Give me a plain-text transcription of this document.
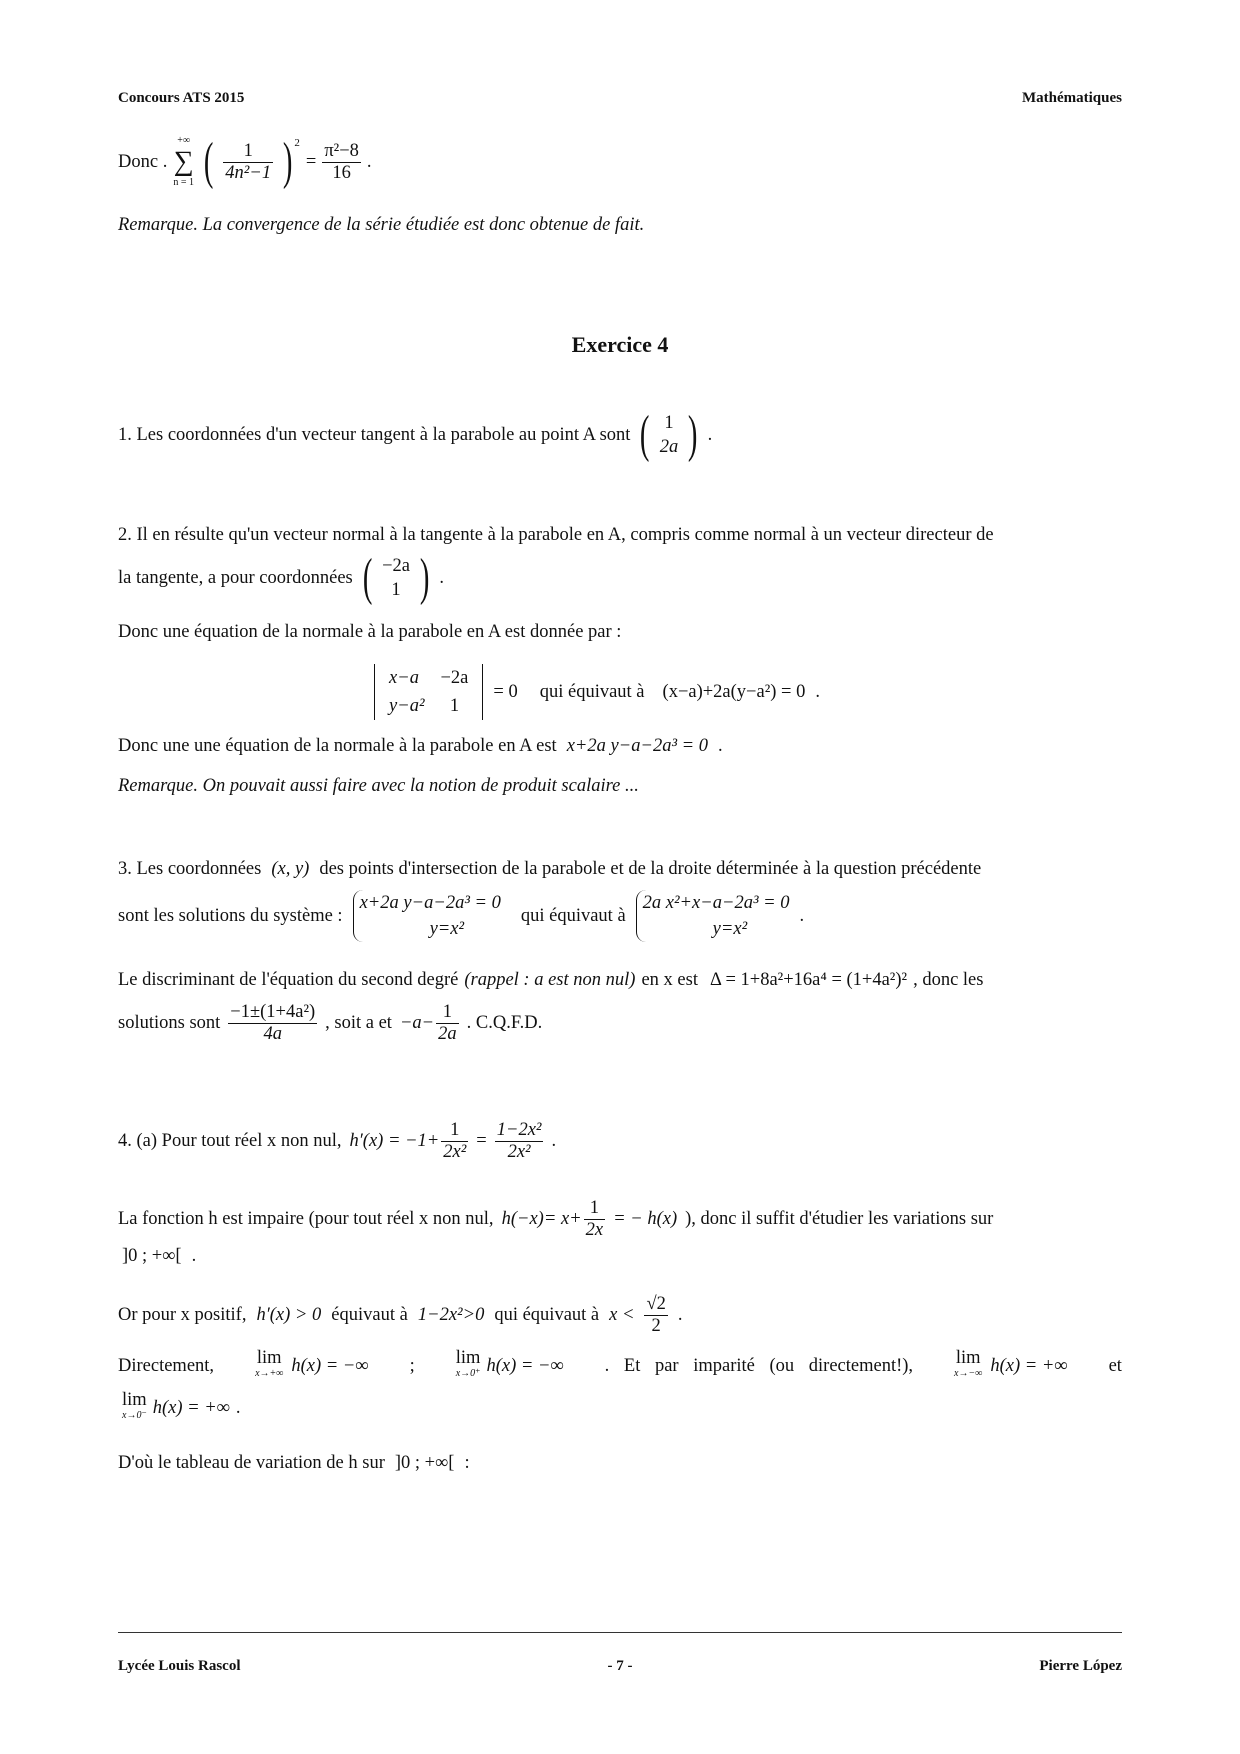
Concours ATS 2015	Mathématiques
Donc .
+∞
∑
n = 1 ( $\frac{1}{\text{4n²−1}} )^2$
= $\frac{\text{π²−8}}{16}$ .
Remarque. La convergence de la série étudiée est donc obtenue de fait.
Exercice 4
1. Les coordonnées d'un vecteur tangent à la parabole au point A sont ( 1
2a ) .
2. Il en résulte qu'un vecteur normal à la tangente à la parabole en A, compris comme normal à un vecteur directeur de
la tangente, a pour coordonnées ( −2a
1 ) .
Donc une équation de la normale à la parabole en A est donnée par :
x−a	−2a
y−a²	1
= 0 qui équivaut à (x−a)+2a(y−a²) = 0 .
Donc une une équation de la normale à la parabole en A est x+2a y−a−2a³ = 0 .
Remarque. On pouvait aussi faire avec la notion de produit scalaire ...
3. Les coordonnées (x, y) des points d'intersection de la parabole et de la droite déterminée à la question précédente
sont les solutions du système :
x+2a y−a−2a³ = 0
y=x²
qui équivaut à
2a x²+x−a−2a³ = 0
y=x²
.
Le discriminant de l'équation du second degré (rappel : a est non nul) en x est Δ = 1+8a²+16a⁴ = (1+4a²)² , donc les
solutions sont $\frac{\text{−1±(1+4a²)}}{4a}$ , soit a et $-a- \frac{1}{2a}$ . C.Q.F.D.
4. (a) Pour tout réel x non nul, $h'(x) = -1+ \frac{1}{\text{2x²}} = \frac{\text{1−2x²}}{\text{2x²}}$ .
La fonction h est impaire (pour tout réel x non nul, $h(-x)= x+ \frac{1}{2x}$ = − h(x) ), donc il suffit d'étudier les variations sur
]0 ; +∞[ .
Or pour x positif, h′(x) > 0 équivaut à 1−2x²>0 qui équivaut à $x < \frac{√2}{2}$ .
Directement, lim
x→+∞ h(x) = −∞ ; lim
x→0⁺ h(x) = −∞ . Et par imparité (ou directement!), lim
x→−∞ h(x) = +∞ et
lim
x→0⁻ h(x) = +∞ .
D'où le tableau de variation de h sur ]0 ; +∞[ :
Lycée Louis Rascol	- 7 -	Pierre López
